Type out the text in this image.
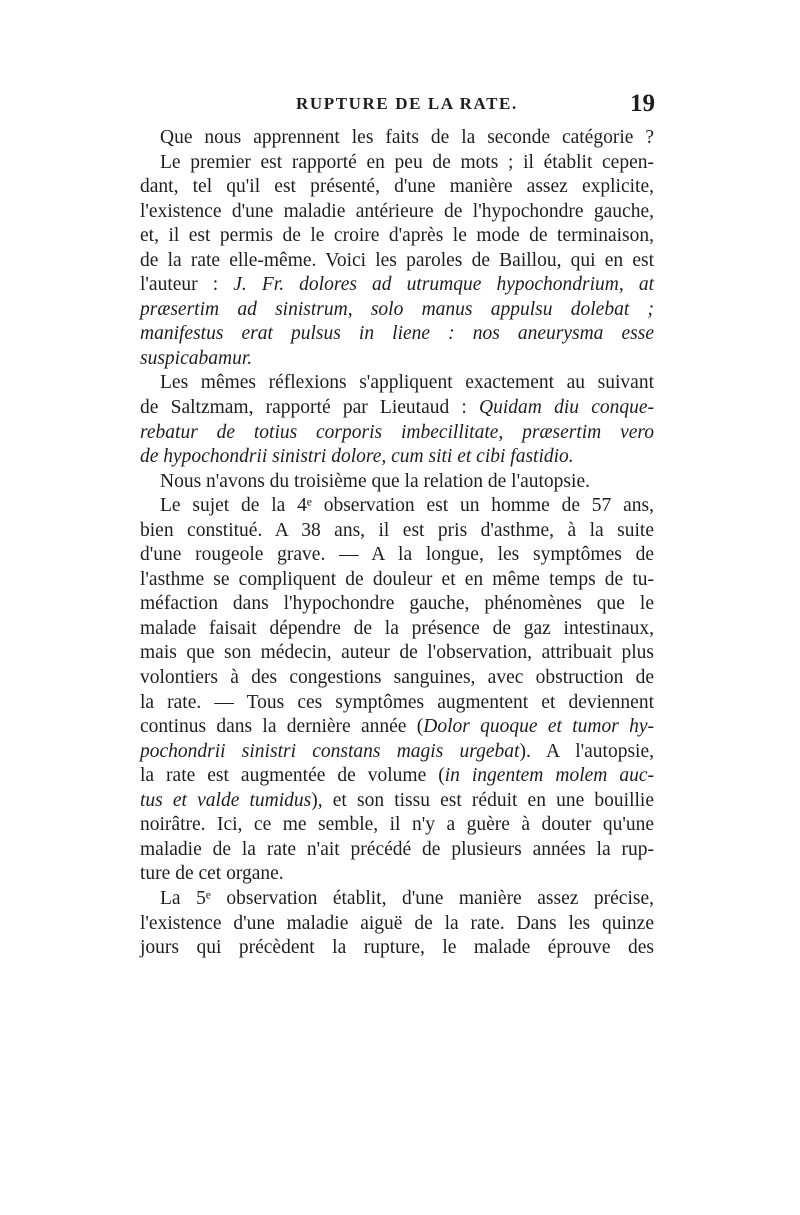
RUPTURE DE LA RATE.	19
Que nous apprennent les faits de la seconde catégorie ?
Le premier est rapporté en peu de mots ; il établit cepen-
dant, tel qu'il est présenté, d'une manière assez explicite,
l'existence d'une maladie antérieure de l'hypochondre gauche,
et, il est permis de le croire d'après le mode de terminaison,
de la rate elle-même. Voici les paroles de Baillou, qui en est
l'auteur : J. Fr. dolores ad utrumque hypochondrium, at
præsertim ad sinistrum, solo manus appulsu dolebat ;
manifestus erat pulsus in liene : nos aneurysma esse
suspicabamur.
Les mêmes réflexions s'appliquent exactement au suivant
de Saltzmam, rapporté par Lieutaud : Quidam diu conque-
rebatur de totius corporis imbecillitate, præsertim vero
de hypochondrii sinistri dolore, cum siti et cibi fastidio.
Nous n'avons du troisième que la relation de l'autopsie.
Le sujet de la 4ᵉ observation est un homme de 57 ans,
bien constitué. A 38 ans, il est pris d'asthme, à la suite
d'une rougeole grave. — A la longue, les symptômes de
l'asthme se compliquent de douleur et en même temps de tu-
méfaction dans l'hypochondre gauche, phénomènes que le
malade faisait dépendre de la présence de gaz intestinaux,
mais que son médecin, auteur de l'observation, attribuait plus
volontiers à des congestions sanguines, avec obstruction de
la rate. — Tous ces symptômes augmentent et deviennent
continus dans la dernière année (Dolor quoque et tumor hy-
pochondrii sinistri constans magis urgebat). A l'autopsie,
la rate est augmentée de volume (in ingentem molem auc-
tus et valde tumidus), et son tissu est réduit en une bouillie
noirâtre. Ici, ce me semble, il n'y a guère à douter qu'une
maladie de la rate n'ait précédé de plusieurs années la rup-
ture de cet organe.
La 5ᵉ observation établit, d'une manière assez précise,
l'existence d'une maladie aiguë de la rate. Dans les quinze
jours qui précèdent la rupture, le malade éprouve des
